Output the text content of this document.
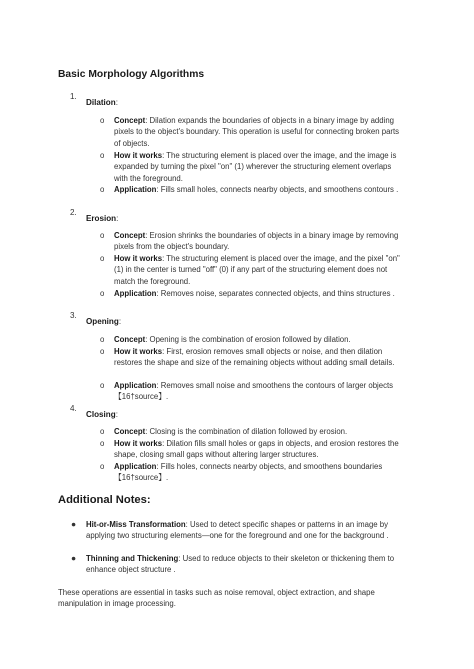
Basic Morphology Algorithms
1.
Dilation:
o Concept: Dilation expands the boundaries of objects in a binary image by adding pixels to the object's boundary. This operation is useful for connecting broken parts of objects.
o How it works: The structuring element is placed over the image, and the image is expanded by turning the pixel "on" (1) wherever the structuring element overlaps with the foreground.
o Application: Fills small holes, connects nearby objects, and smoothens contours .
2.
Erosion:
o Concept: Erosion shrinks the boundaries of objects in a binary image by removing pixels from the object's boundary.
o How it works: The structuring element is placed over the image, and the pixel "on" (1) in the center is turned "off" (0) if any part of the structuring element does not match the foreground.
o Application: Removes noise, separates connected objects, and thins structures .
3.
Opening:
o Concept: Opening is the combination of erosion followed by dilation.
o How it works: First, erosion removes small objects or noise, and then dilation restores the shape and size of the remaining objects without adding small details.
o Application: Removes small noise and smoothens the contours of larger objects【16†source】.
4.
Closing:
o Concept: Closing is the combination of dilation followed by erosion.
o How it works: Dilation fills small holes or gaps in objects, and erosion restores the shape, closing small gaps without altering larger structures.
o Application: Fills holes, connects nearby objects, and smoothens boundaries【16†source】.
Additional Notes:
● Hit-or-Miss Transformation: Used to detect specific shapes or patterns in an image by applying two structuring elements—one for the foreground and one for the background .
● Thinning and Thickening: Used to reduce objects to their skeleton or thickening them to enhance object structure .
These operations are essential in tasks such as noise removal, object extraction, and shape manipulation in image processing.
